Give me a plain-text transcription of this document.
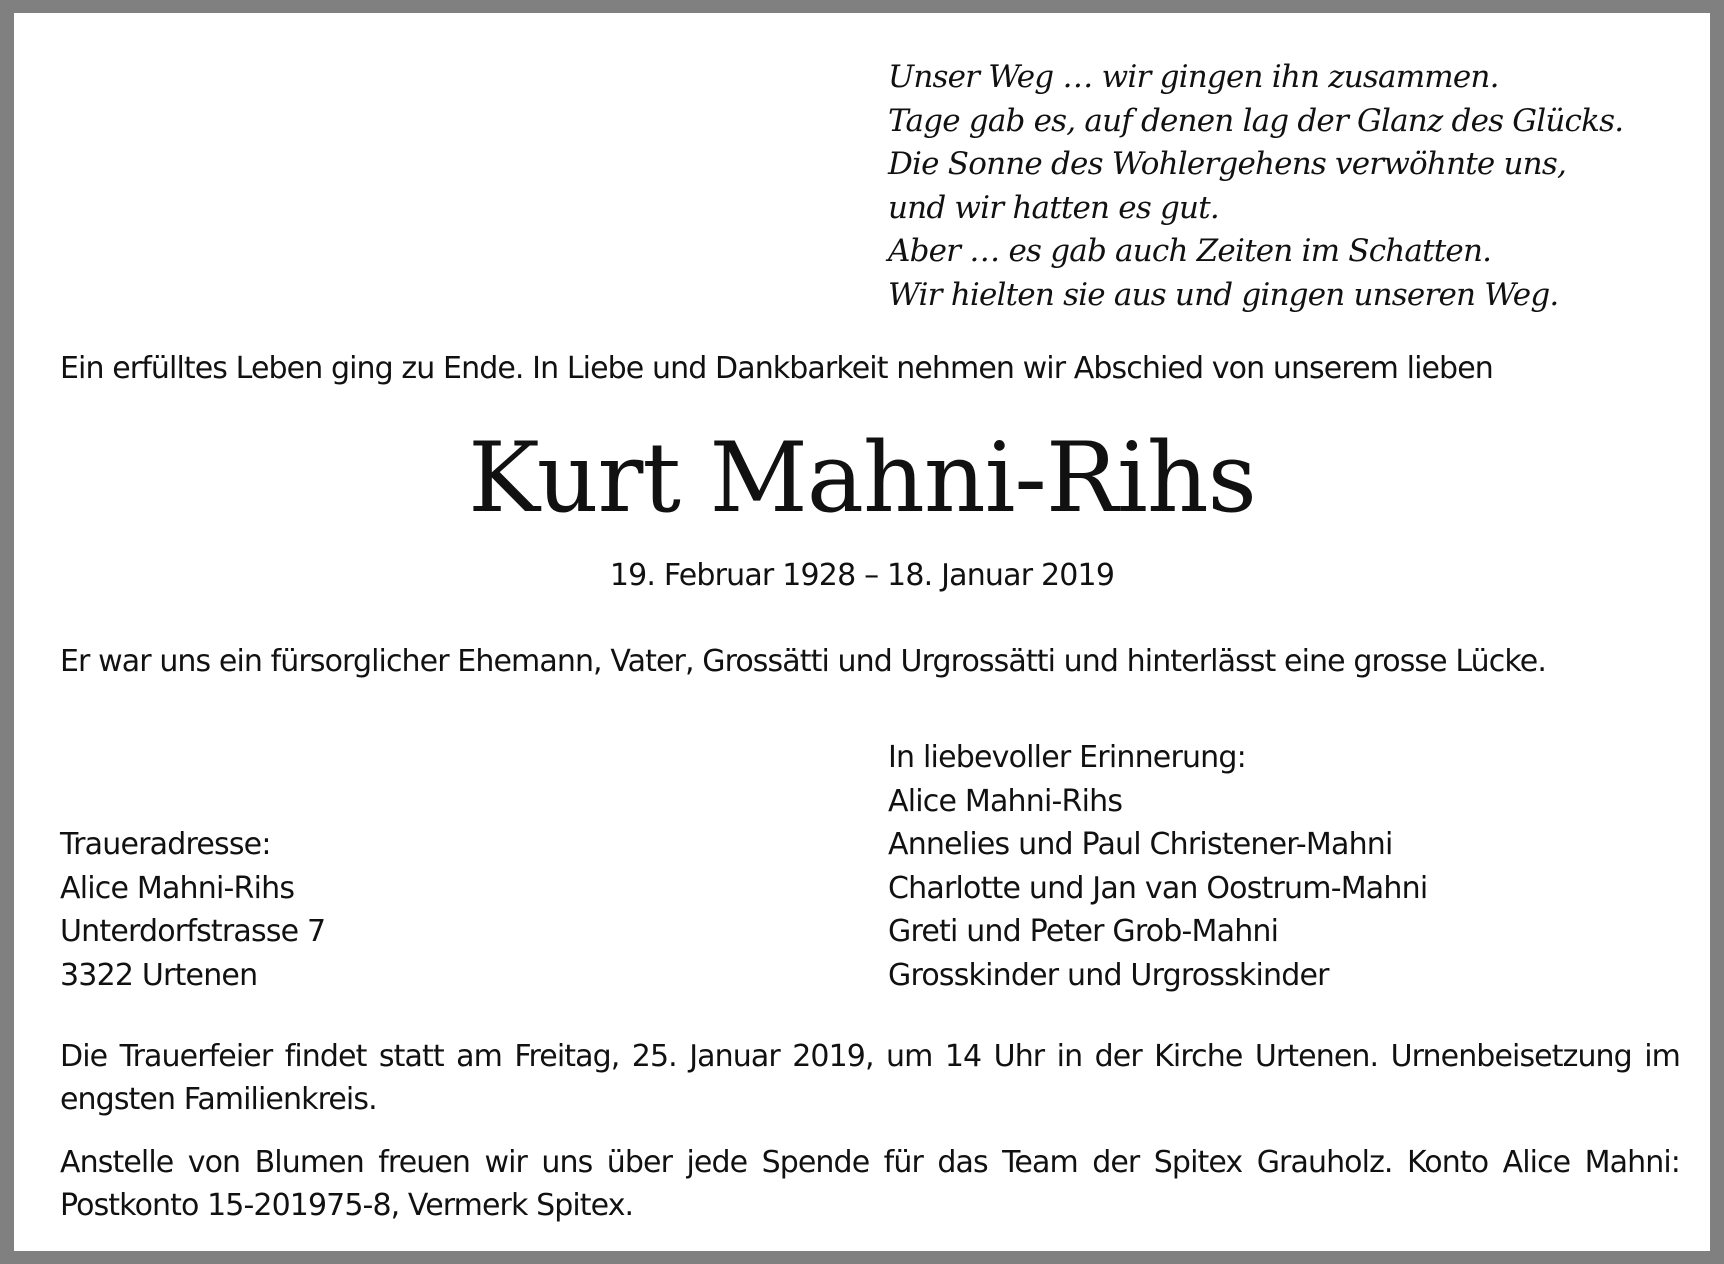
Unser Weg … wir gingen ihn zusammen.
Tage gab es, auf denen lag der Glanz des Glücks.
Die Sonne des Wohlergehens verwöhnte uns,
und wir hatten es gut.
Aber … es gab auch Zeiten im Schatten.
Wir hielten sie aus und gingen unseren Weg.
Ein erfülltes Leben ging zu Ende. In Liebe und Dankbarkeit nehmen wir Abschied von unserem lieben
Kurt Mahni-Rihs
19. Februar 1928 – 18. Januar 2019
Er war uns ein fürsorglicher Ehemann, Vater, Grossätti und Urgrossätti und hinterlässt eine grosse Lücke.
In liebevoller Erinnerung:
Alice Mahni-Rihs
Annelies und Paul Christener-Mahni
Charlotte und Jan van Oostrum-Mahni
Greti und Peter Grob-Mahni
Grosskinder und Urgrosskinder
Traueradresse:
Alice Mahni-Rihs
Unterdorfstrasse 7
3322 Urtenen
Die Trauerfeier findet statt am Freitag, 25. Januar 2019, um 14 Uhr in der Kirche Urtenen. Urnenbeisetzung im
engsten Familienkreis.
Anstelle von Blumen freuen wir uns über jede Spende für das Team der Spitex Grauholz. Konto Alice Mahni:
Postkonto 15-201975-8, Vermerk Spitex.
